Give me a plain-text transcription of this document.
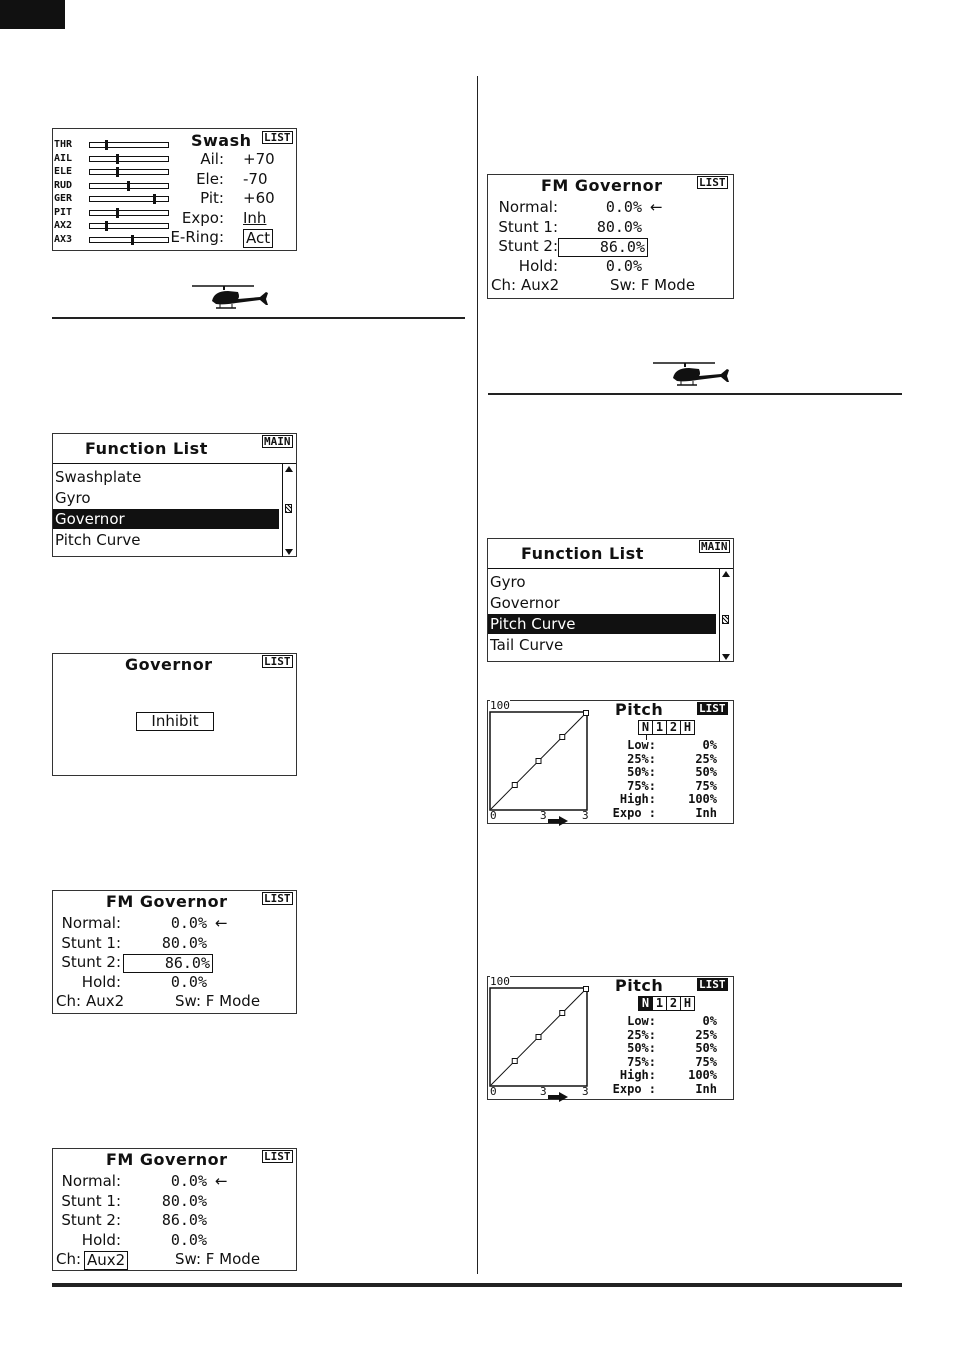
THR
AIL
ELE
RUD
GER
PIT
AX2
AX3
Swash LIST
Ail: +70
Ele: -70
Pit: +60
Expo: Inh
E-Ring: Act
Function List	MAIN
Swashplate
Gyro
Governor
Pitch Curve
Governor	LIST
Inhibit
FM Governor	LIST
Normal:	0.0% ←
Stunt 1:	80.0%
Stunt 2:	86.0%
Hold:	0.0%
Ch: Aux2	Sw: F Mode
FM Governor	LIST
Normal:	0.0% ←
Stunt 1:	80.0%
Stunt 2:	86.0%
Hold:	0.0%
Ch: Aux2	Sw: F Mode
FM Governor	LIST
Normal:	0.0% ←
Stunt 1:	80.0%
Stunt 2:	86.0%
Hold:	0.0%
Ch: Aux2	Sw: F Mode
Function List	MAIN
Gyro
Governor
Pitch Curve
Tail Curve
100
0	3	3
Pitch	LIST
N 1 2 H
Low:	0%
25%:	25%
50%:	50%
75%:	75%
High:	100%
Expo :	Inh
100
0	3	3
Pitch	LIST
N 1 2 H
Low:	0%
25%:	25%
50%:	50%
75%:	75%
High:	100%
Expo :	Inh
